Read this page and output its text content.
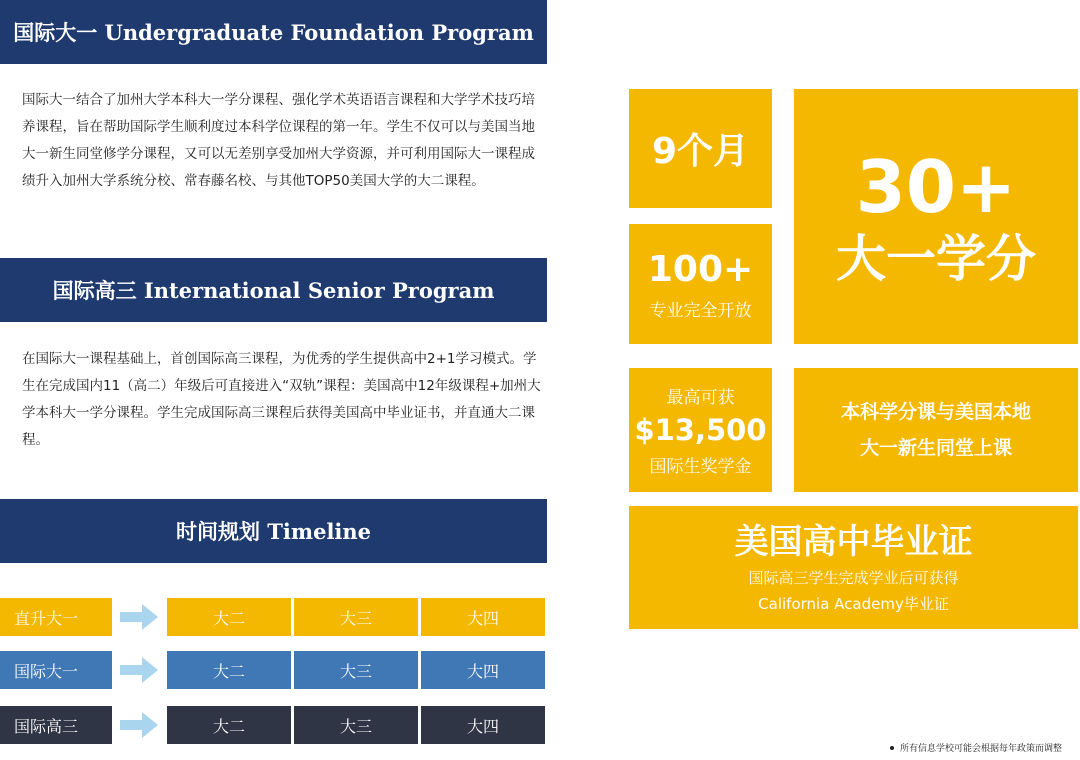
国际大一 Undergraduate Foundation Program

国际大一结合了加州大学本科大一学分课程、强化学术英语语言课程和大学学术技巧培养课程，旨在帮助国际学生顺利度过本科学位课程的第一年。学生不仅可以与美国当地大一新生同堂修学分课程，又可以无差别享受加州大学资源，并可利用国际大一课程成绩升入加州大学系统分校、常春藤名校、与其他TOP50美国大学的大二课程。

国际高三 International Senior Program

在国际大一课程基础上，首创国际高三课程，为优秀的学生提供高中2+1学习模式。学生在完成国内11（高二）年级后可直接进入“双轨”课程：美国高中12年级课程+加州大学本科大一学分课程。学生完成国际高三课程后获得美国高中毕业证书，并直通大二课程。

时间规划 Timeline
直升大一	大二	大三	大四
国际大一	大二	大三	大四
国际高三	大二	大三	大四
9个月	30+
大一学分
100+
专业完全开放
最高可获
$13,500
国际生奖学金
本科学分课与美国本地
大一新生同堂上课
美国高中毕业证
国际高三学生完成学业后可获得
California Academy毕业证
所有信息学校可能会根据每年政策而调整
